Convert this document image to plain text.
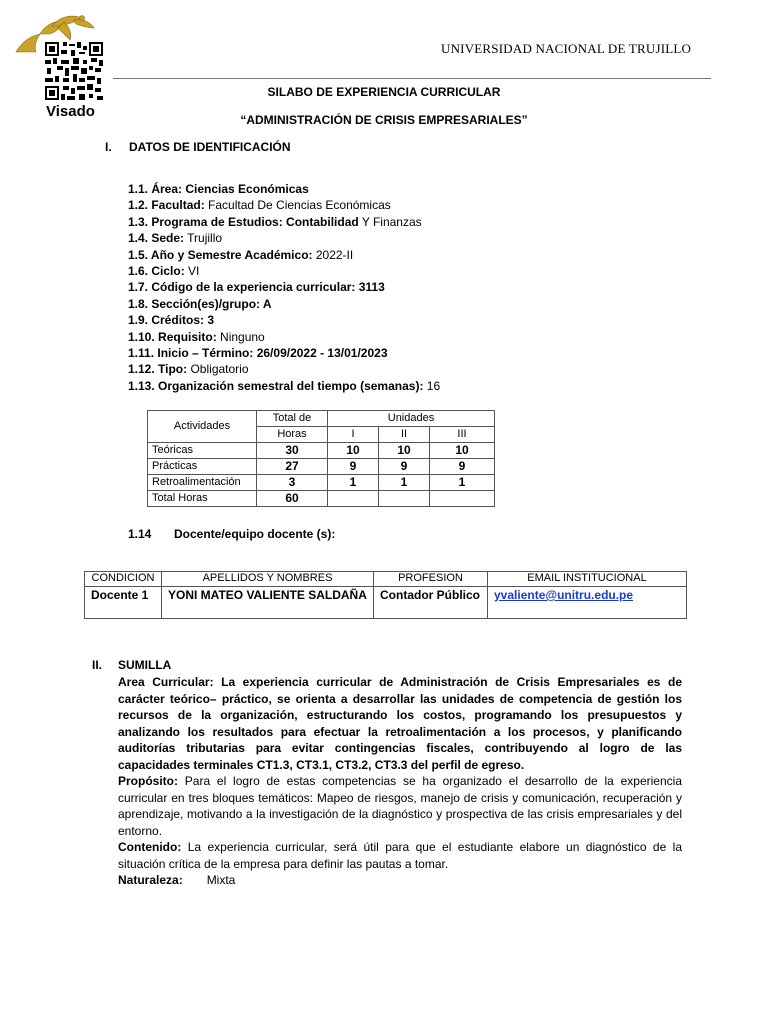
Visado
UNIVERSIDAD NACIONAL DE TRUJILLO
SILABO DE EXPERIENCIA CURRICULAR
“ADMINISTRACIÓN DE CRISIS EMPRESARIALES”
I. DATOS DE IDENTIFICACIÓN
1.1. Área: Ciencias Económicas
1.2. Facultad: Facultad De Ciencias Económicas
1.3. Programa de Estudios: Contabilidad Y Finanzas
1.4. Sede: Trujillo
1.5. Año y Semestre Académico: 2022-II
1.6. Ciclo: VI
1.7. Código de la experiencia curricular: 3113
1.8. Sección(es)/grupo: A
1.9. Créditos: 3
1.10. Requisito: Ninguno
1.11. Inicio – Término: 26/09/2022 - 13/01/2023
1.12. Tipo: Obligatorio
1.13. Organización semestral del tiempo (semanas): 16
Actividades	Total de	Unidades		
	Horas	I	II	III
Teóricas	30	10	10	10
Prácticas	27	9	9	9
Retroalimentación	3	1	1	1
Total Horas	60			
1.14 Docente/equipo docente (s):
CONDICION	APELLIDOS Y NOMBRES	PROFESION	EMAIL INSTITUCIONAL
Docente 1	YONI MATEO VALIENTE SALDAÑA	Contador Público	yvaliente@unitru.edu.pe
II. SUMILLA

Area Curricular: La experiencia curricular de Administración de Crisis Empresariales es de carácter teórico– práctico, se orienta a desarrollar las unidades de competencia de gestión los recursos de la organización, estructurando los costos, programando los presupuestos y analizando los resultados para efectuar la retroalimentación a los procesos, y planificando auditorías tributarias para evitar contingencias fiscales, contribuyendo al logro de las capacidades terminales CT1.3, CT3.1, CT3.2, CT3.3 del perfil de egreso.

Propósito: Para el logro de estas competencias se ha organizado el desarrollo de la experiencia curricular en tres bloques temáticos: Mapeo de riesgos, manejo de crisis y comunicación, recuperación y aprendizaje, motivando a la investigación de la diagnóstico y prospectiva de las crisis empresariales y del entorno.

Contenido: La experiencia curricular, será útil para que el estudiante elabore un diagnóstico de la situación crítica de la empresa para definir las pautas a tomar.

Naturaleza: Mixta
